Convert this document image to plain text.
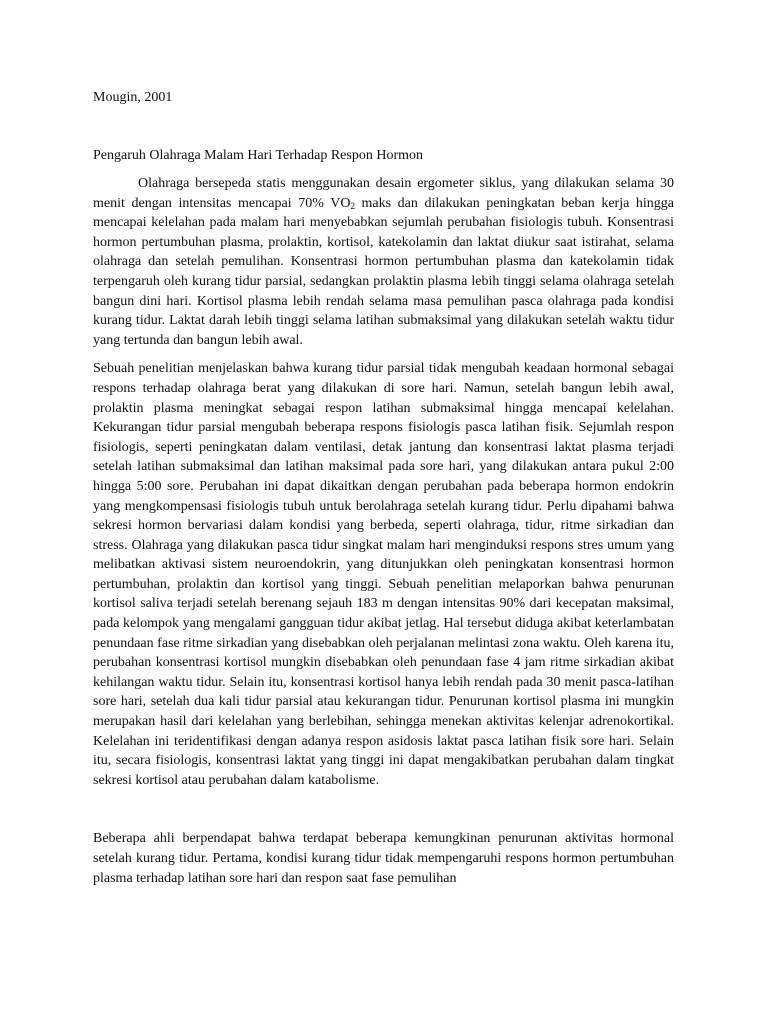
Mougin, 2001
Pengaruh Olahraga Malam Hari Terhadap Respon Hormon

Olahraga bersepeda statis menggunakan desain ergometer siklus, yang dilakukan selama 30 menit dengan intensitas mencapai 70% $VO_2$ maks dan dilakukan peningkatan beban kerja hingga mencapai kelelahan pada malam hari menyebabkan sejumlah perubahan fisiologis tubuh. Konsentrasi hormon pertumbuhan plasma, prolaktin, kortisol, katekolamin dan laktat diukur saat istirahat, selama olahraga dan setelah pemulihan. Konsentrasi hormon pertumbuhan plasma dan katekolamin tidak terpengaruh oleh kurang tidur parsial, sedangkan prolaktin plasma lebih tinggi selama olahraga setelah bangun dini hari. Kortisol plasma lebih rendah selama masa pemulihan pasca olahraga pada kondisi kurang tidur. Laktat darah lebih tinggi selama latihan submaksimal yang dilakukan setelah waktu tidur yang tertunda dan bangun lebih awal.

Sebuah penelitian menjelaskan bahwa kurang tidur parsial tidak mengubah keadaan hormonal sebagai respons terhadap olahraga berat yang dilakukan di sore hari. Namun, setelah bangun lebih awal, prolaktin plasma meningkat sebagai respon latihan submaksimal hingga mencapai kelelahan. Kekurangan tidur parsial mengubah beberapa respons fisiologis pasca latihan fisik. Sejumlah respon fisiologis, seperti peningkatan dalam ventilasi, detak jantung dan konsentrasi laktat plasma terjadi setelah latihan submaksimal dan latihan maksimal pada sore hari, yang dilakukan antara pukul 2:00 hingga 5:00 sore. Perubahan ini dapat dikaitkan dengan perubahan pada beberapa hormon endokrin yang mengkompensasi fisiologis tubuh untuk berolahraga setelah kurang tidur. Perlu dipahami bahwa sekresi hormon bervariasi dalam kondisi yang berbeda, seperti olahraga, tidur, ritme sirkadian dan stress. Olahraga yang dilakukan pasca tidur singkat malam hari menginduksi respons stres umum yang melibatkan aktivasi sistem neuroendokrin, yang ditunjukkan oleh peningkatan konsentrasi hormon pertumbuhan, prolaktin dan kortisol yang tinggi. Sebuah penelitian melaporkan bahwa penurunan kortisol saliva terjadi setelah berenang sejauh 183 m dengan intensitas 90% dari kecepatan maksimal, pada kelompok yang mengalami gangguan tidur akibat jetlag. Hal tersebut diduga akibat keterlambatan penundaan fase ritme sirkadian yang disebabkan oleh perjalanan melintasi zona waktu. Oleh karena itu, perubahan konsentrasi kortisol mungkin disebabkan oleh penundaan fase 4 jam ritme sirkadian akibat kehilangan waktu tidur. Selain itu, konsentrasi kortisol hanya lebih rendah pada 30 menit pasca-latihan sore hari, setelah dua kali tidur parsial atau kekurangan tidur. Penurunan kortisol plasma ini mungkin merupakan hasil dari kelelahan yang berlebihan, sehingga menekan aktivitas kelenjar adrenokortikal. Kelelahan ini teridentifikasi dengan adanya respon asidosis laktat pasca latihan fisik sore hari. Selain itu, secara fisiologis, konsentrasi laktat yang tinggi ini dapat mengakibatkan perubahan dalam tingkat sekresi kortisol atau perubahan dalam katabolisme.

Beberapa ahli berpendapat bahwa terdapat beberapa kemungkinan penurunan aktivitas hormonal setelah kurang tidur. Pertama, kondisi kurang tidur tidak mempengaruhi respons hormon pertumbuhan plasma terhadap latihan sore hari dan respon saat fase pemulihan
